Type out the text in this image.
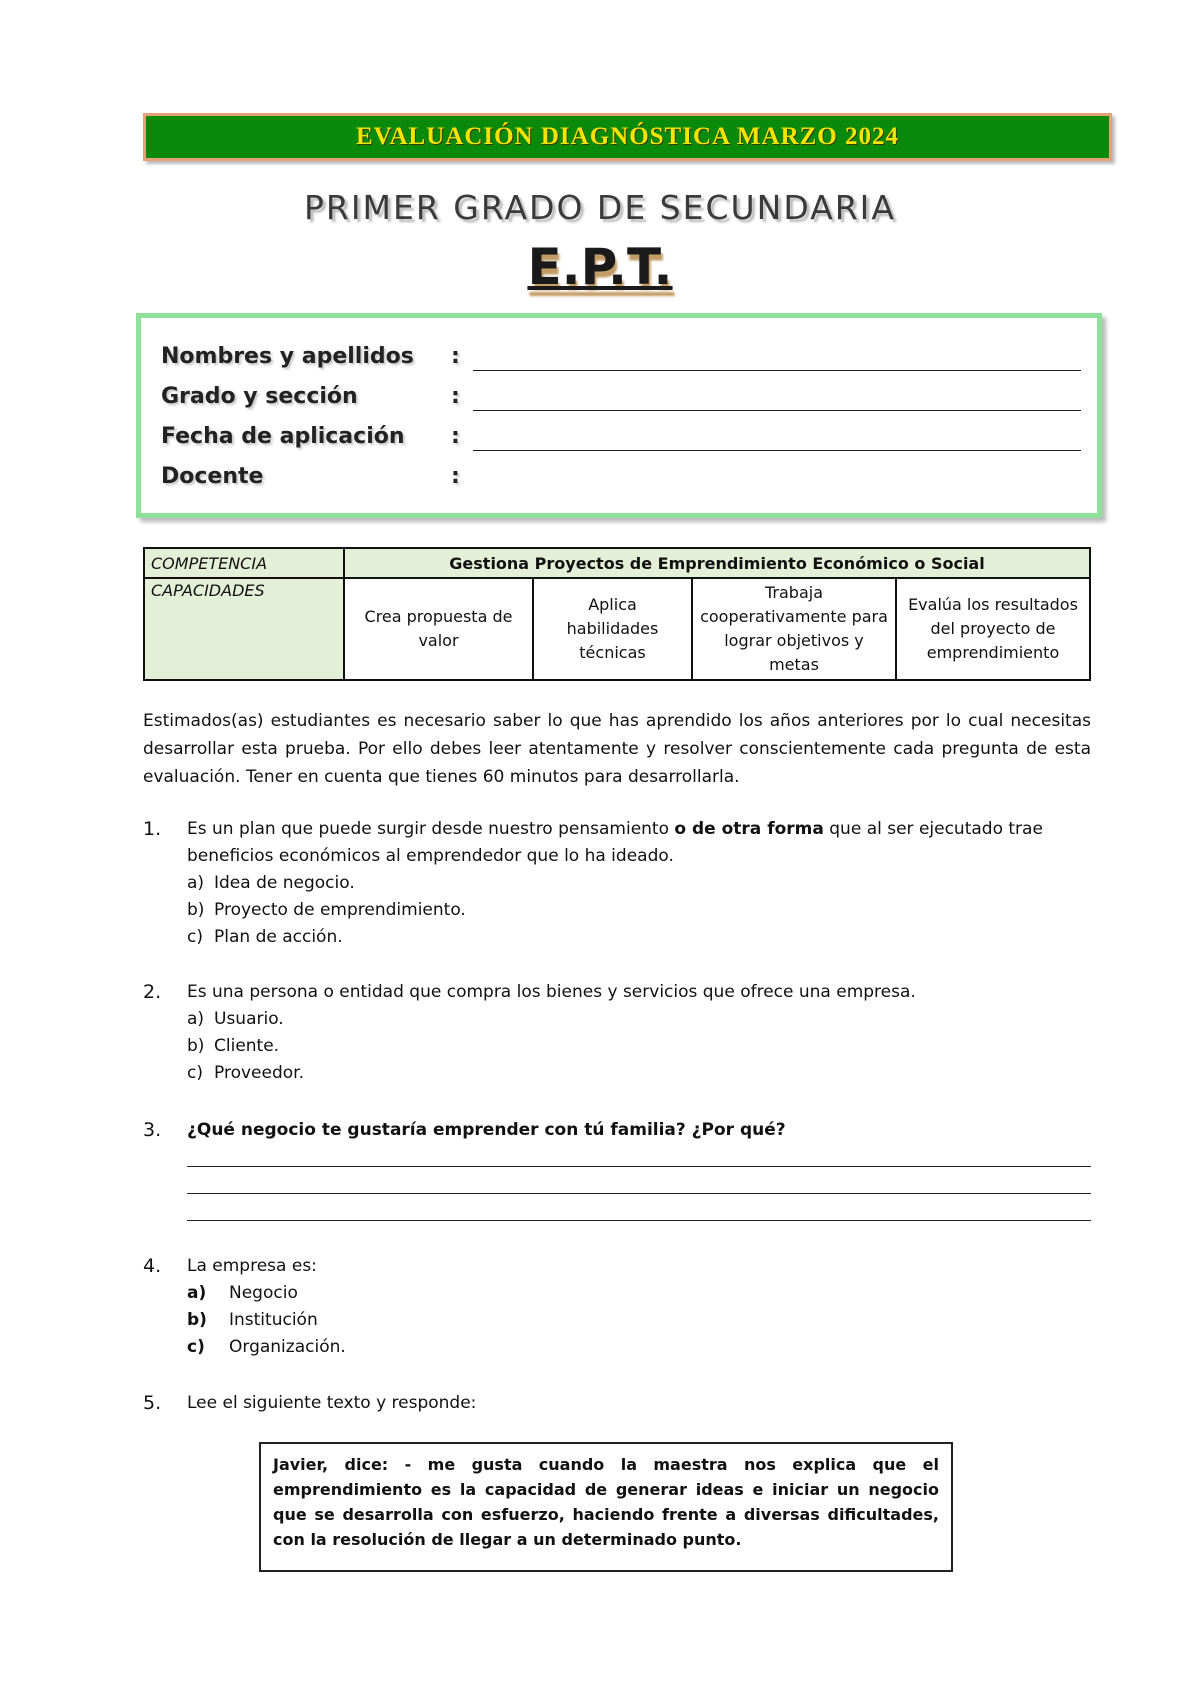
EVALUACIÓN DIAGNÓSTICA MARZO 2024
PRIMER GRADO DE SECUNDARIA
E.P.T.
Nombres y apellidos :
Grado y sección	:
Fecha de aplicación :
Docente	:
COMPETENCIA	Gestiona Proyectos de Emprendimiento Económico o Social			
CAPACIDADES	Crea propuesta de valor	Aplica habilidades técnicas	Trabaja cooperativamente para lograr objetivos y metas	Evalúa los resultados del proyecto de emprendimiento
Estimados(as) estudiantes es necesario saber lo que has aprendido los años anteriores por lo cual necesitas desarrollar esta prueba. Por ello debes leer atentamente y resolver conscientemente cada pregunta de esta evaluación. Tener en cuenta que tienes 60 minutos para desarrollarla.
1. Es un plan que puede surgir desde nuestro pensamiento o de otra forma que al ser ejecutado trae beneficios económicos al emprendedor que lo ha ideado.
a) Idea de negocio.
b) Proyecto de emprendimiento.
c) Plan de acción.
2. Es una persona o entidad que compra los bienes y servicios que ofrece una empresa.
a) Usuario.
b) Cliente.
c) Proveedor.
3. ¿Qué negocio te gustaría emprender con tú familia? ¿Por qué?
4. La empresa es:
a) Negocio
b) Institución
c) Organización.
5. Lee el siguiente texto y responde:
Javier, dice: - me gusta cuando la maestra nos explica que el emprendimiento es la capacidad de generar ideas e iniciar un negocio que se desarrolla con esfuerzo, haciendo frente a diversas dificultades, con la resolución de llegar a un determinado punto.
